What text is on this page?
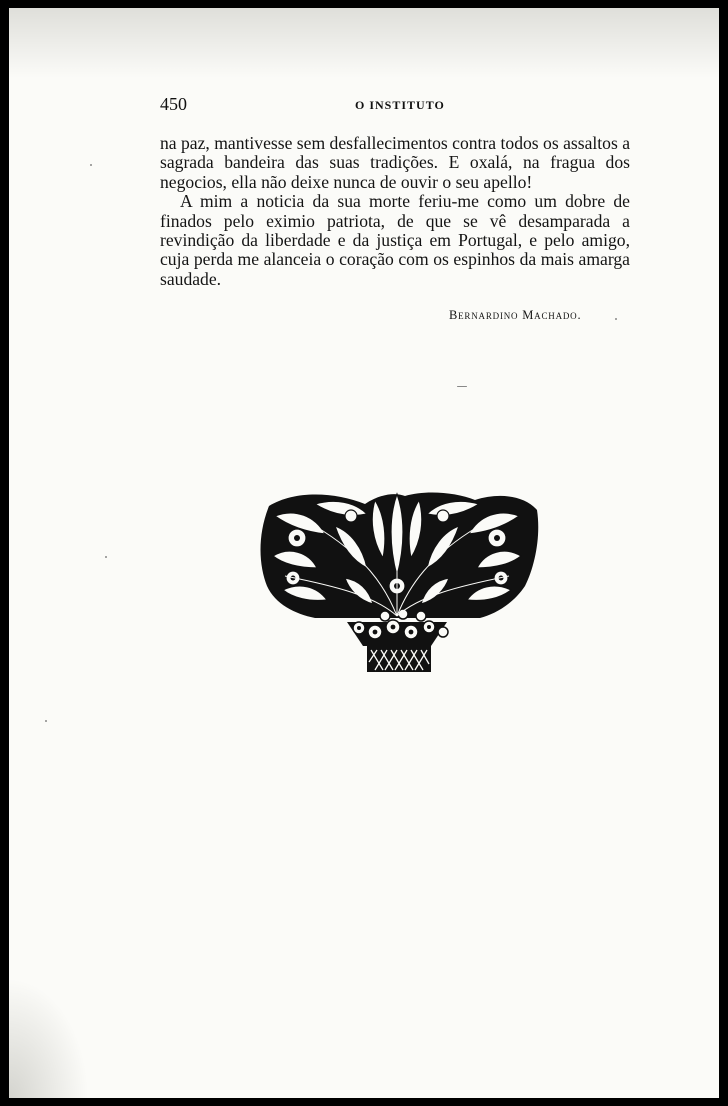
450	O INSTITUTO

na paz, mantivesse sem desfallecimentos contra todos os assaltos a sagrada bandeira das suas tradições. E oxalá, na fragua dos negocios, ella não deixe nunca de ouvir o seu apello!

A mim a noticia da sua morte feriu-me como um dobre de finados pelo eximio patriota, de que se vê desamparada a revindição da liberdade e da justiça em Portugal, e pelo amigo, cuja perda me alanceia o coração com os espinhos da mais amarga saudade.

Bernardino Machado.
